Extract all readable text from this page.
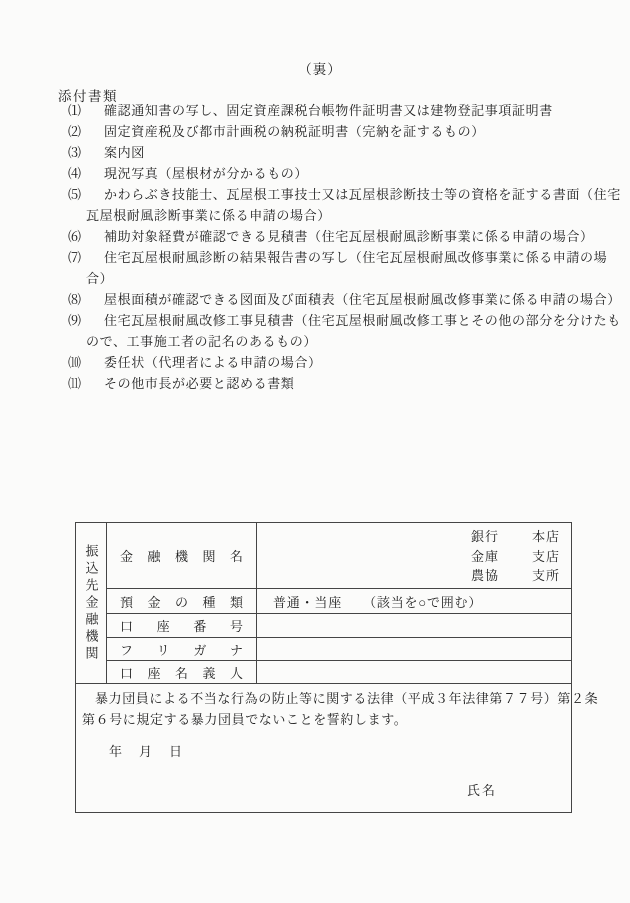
（裏）
添付書類
⑴ 確認通知書の写し、固定資産課税台帳物件証明書又は建物登記事項証明書
⑵ 固定資産税及び都市計画税の納税証明書（完納を証するもの）
⑶ 案内図
⑷ 現況写真（屋根材が分かるもの）
⑸ かわらぶき技能士、瓦屋根工事技士又は瓦屋根診断技士等の資格を証する書面（住宅
瓦屋根耐風診断事業に係る申請の場合）
⑹ 補助対象経費が確認できる見積書（住宅瓦屋根耐風診断事業に係る申請の場合）
⑺ 住宅瓦屋根耐風診断の結果報告書の写し（住宅瓦屋根耐風改修事業に係る申請の場
合）
⑻ 屋根面積が確認できる図面及び面積表（住宅瓦屋根耐風改修事業に係る申請の場合）
⑼ 住宅瓦屋根耐風改修工事見積書（住宅瓦屋根耐風改修工事とその他の部分を分けたも
ので、工事施工者の記名のあるもの）
⑽ 委任状（代理者による申請の場合）
⑾ その他市長が必要と認める書類
振込先金融機関	金　融　機　関　名
銀行
金庫
農協
本店
支店
支所
預　金　の　種　類	普通・当座　　（該当を○で囲む）
口　座　番　号
フ　リ　ガ　ナ
口　座　名　義　人
暴力団員による不当な行為の防止等に関する法律（平成３年法律第７７号）第２条
第６号に規定する暴力団員でないことを誓約します。
年　月　日
氏名
